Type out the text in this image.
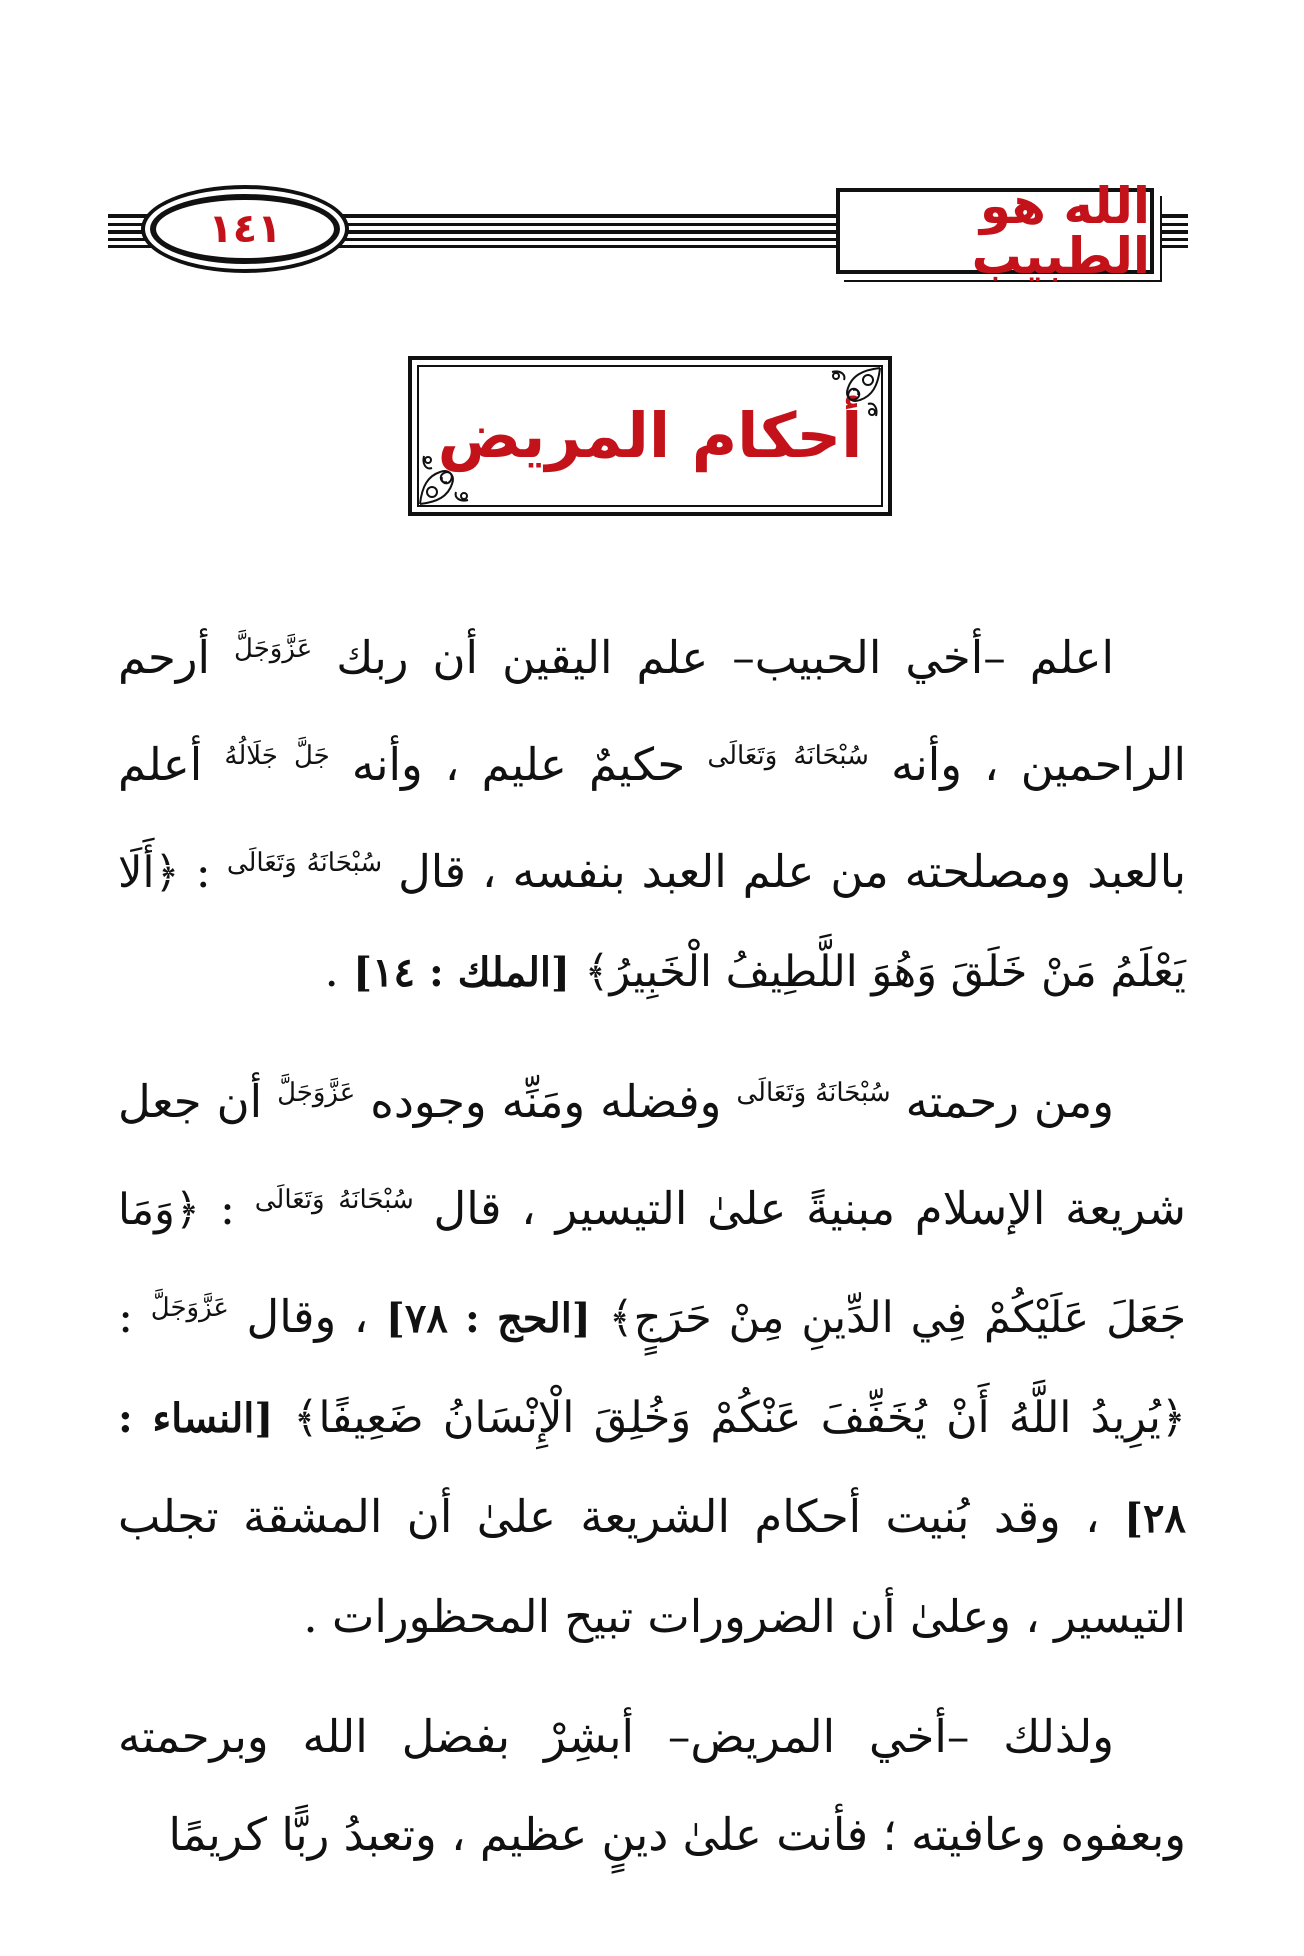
١٤١	الله هو الطبيب
أحكام المريض

اعلم –أخي الحبيب– علم اليقين أن ربك $^{عَزَّوَجَلَّ}$ أرحم الراحمين ، وأنه $^{سُبْحَانَهُ وَتَعَالَى}$ حكيمٌ عليم ، وأنه $^{جَلَّ جَلَالُهُ}$ أعلم بالعبد ومصلحته من علم العبد بنفسه ، قال $^{سُبْحَانَهُ وَتَعَالَى}$ : ﴿أَلَا يَعْلَمُ مَنْ خَلَقَ وَهُوَ اللَّطِيفُ الْخَبِيرُ﴾ [الملك : ١٤] .

ومن رحمته $^{سُبْحَانَهُ وَتَعَالَى}$ وفضله ومَنِّه وجوده $^{عَزَّوَجَلَّ}$ أن جعل شريعة الإسلام مبنيةً علىٰ التيسير ، قال $^{سُبْحَانَهُ وَتَعَالَى}$ : ﴿وَمَا جَعَلَ عَلَيْكُمْ فِي الدِّينِ مِنْ حَرَجٍ﴾ [الحج : ٧٨] ، وقال $^{عَزَّوَجَلَّ}$ : ﴿يُرِيدُ اللَّهُ أَنْ يُخَفِّفَ عَنْكُمْ وَخُلِقَ الْإِنْسَانُ ضَعِيفًا﴾ [النساء : ٢٨] ، وقد بُنيت أحكام الشريعة علىٰ أن المشقة تجلب التيسير ، وعلىٰ أن الضرورات تبيح المحظورات .

ولذلك –أخي المريض– أبشِرْ بفضل الله وبرحمته وبعفوه وعافيته ؛ فأنت علىٰ دينٍ عظيم ، وتعبدُ ربًّا كريمًا
